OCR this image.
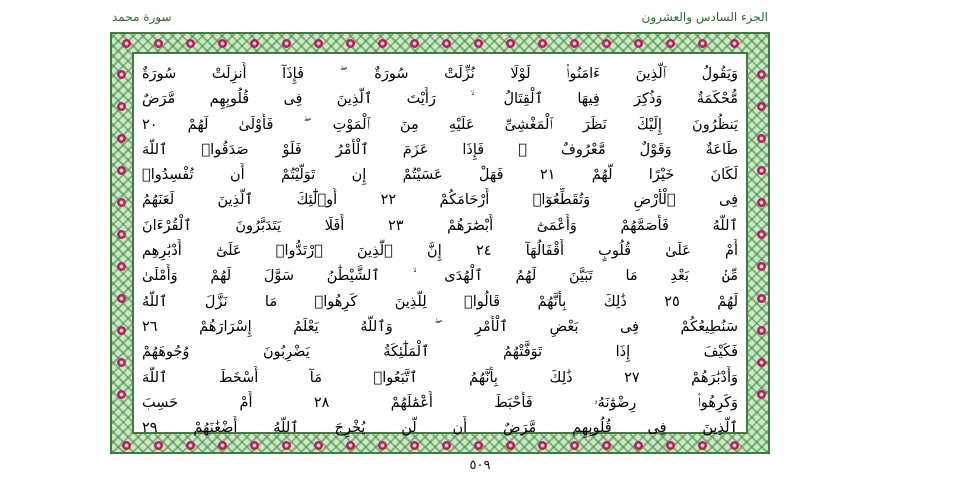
الجزء السادس والعشرون
سورة محمد
وَيَقُولُ ٱلَّذِينَ ءَامَنُوا۟ لَوْلَا نُزِّلَتْ سُورَةٌ ۖ فَإِذَآ أُنزِلَتْ سُورَةٌ
مُّحْكَمَةٌ وَذُكِرَ فِيهَا ٱلْقِتَالُ ۙ رَأَيْتَ ٱلَّذِينَ فِى قُلُوبِهِم مَّرَضٌ
يَنظُرُونَ إِلَيْكَ نَظَرَ ٱلْمَغْشِىِّ عَلَيْهِ مِنَ ٱلْمَوْتِ ۖ فَأَوْلَىٰ لَهُمْ ٢٠
طَاعَةٌ وَقَوْلٌ مَّعْرُوفٌ ۚ فَإِذَا عَزَمَ ٱلْأَمْرُ فَلَوْ صَدَقُوا۟ ٱللَّهَ
لَكَانَ خَيْرًا لَّهُمْ ٢١ فَهَلْ عَسَيْتُمْ إِن تَوَلَّيْتُمْ أَن تُفْسِدُوا۟
فِى ٱلْأَرْضِ وَتُقَطِّعُوٓا۟ أَرْحَامَكُمْ ٢٢ أُو۟لَٰٓئِكَ ٱلَّذِينَ لَعَنَهُمُ
ٱللَّهُ فَأَصَمَّهُمْ وَأَعْمَىٰٓ أَبْصَٰرَهُمْ ٢٣ أَفَلَا يَتَدَبَّرُونَ ٱلْقُرْءَانَ
أَمْ عَلَىٰ قُلُوبٍ أَقْفَالُهَآ ٢٤ إِنَّ ٱلَّذِينَ ٱرْتَدُّوا۟ عَلَىٰٓ أَدْبَٰرِهِم
مِّنۢ بَعْدِ مَا تَبَيَّنَ لَهُمُ ٱلْهُدَى ۙ ٱلشَّيْطَٰنُ سَوَّلَ لَهُمْ وَأَمْلَىٰ
لَهُمْ ٢٥ ذَٰلِكَ بِأَنَّهُمْ قَالُوا۟ لِلَّذِينَ كَرِهُوا۟ مَا نَزَّلَ ٱللَّهُ
سَنُطِيعُكُمْ فِى بَعْضِ ٱلْأَمْرِ ۖ وَٱللَّهُ يَعْلَمُ إِسْرَارَهُمْ ٢٦
فَكَيْفَ إِذَا تَوَفَّتْهُمُ ٱلْمَلَٰٓئِكَةُ يَضْرِبُونَ وُجُوهَهُمْ
وَأَدْبَٰرَهُمْ ٢٧ ذَٰلِكَ بِأَنَّهُمُ ٱتَّبَعُوا۟ مَآ أَسْخَطَ ٱللَّهَ
وَكَرِهُوا۟ رِضْوَٰنَهُۥ فَأَحْبَطَ أَعْمَٰلَهُمْ ٢٨ أَمْ حَسِبَ
ٱلَّذِينَ فِى قُلُوبِهِم مَّرَضٌ أَن لَّن يُخْرِجَ ٱللَّهُ أَضْغَٰنَهُمْ ٢٩
٥٠٩
